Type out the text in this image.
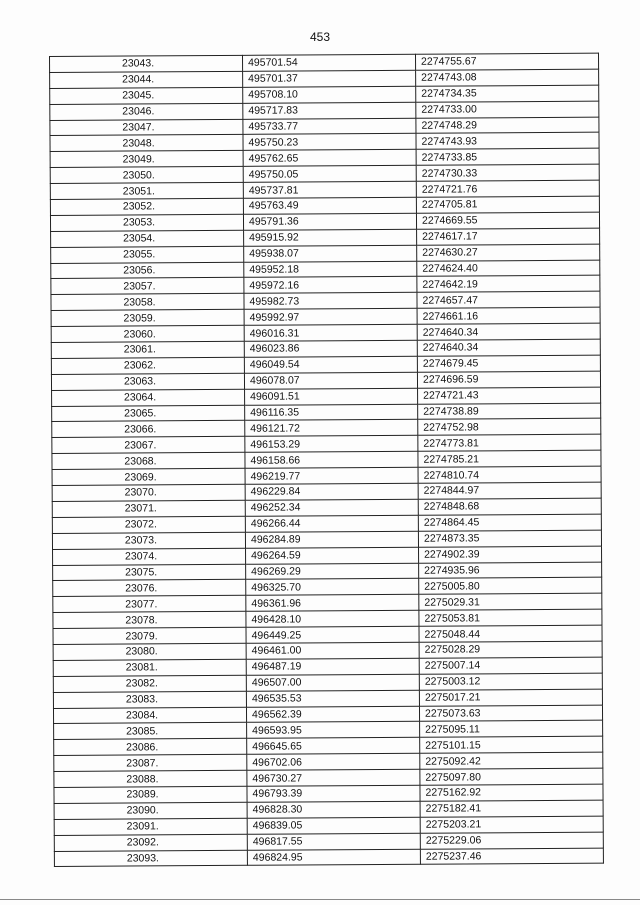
453
23043.	495701.54	2274755.67
23044.	495701.37	2274743.08
23045.	495708.10	2274734.35
23046.	495717.83	2274733.00
23047.	495733.77	2274748.29
23048.	495750.23	2274743.93
23049.	495762.65	2274733.85
23050.	495750.05	2274730.33
23051.	495737.81	2274721.76
23052.	495763.49	2274705.81
23053.	495791.36	2274669.55
23054.	495915.92	2274617.17
23055.	495938.07	2274630.27
23056.	495952.18	2274624.40
23057.	495972.16	2274642.19
23058.	495982.73	2274657.47
23059.	495992.97	2274661.16
23060.	496016.31	2274640.34
23061.	496023.86	2274640.34
23062.	496049.54	2274679.45
23063.	496078.07	2274696.59
23064.	496091.51	2274721.43
23065.	496116.35	2274738.89
23066.	496121.72	2274752.98
23067.	496153.29	2274773.81
23068.	496158.66	2274785.21
23069.	496219.77	2274810.74
23070.	496229.84	2274844.97
23071.	496252.34	2274848.68
23072.	496266.44	2274864.45
23073.	496284.89	2274873.35
23074.	496264.59	2274902.39
23075.	496269.29	2274935.96
23076.	496325.70	2275005.80
23077.	496361.96	2275029.31
23078.	496428.10	2275053.81
23079.	496449.25	2275048.44
23080.	496461.00	2275028.29
23081.	496487.19	2275007.14
23082.	496507.00	2275003.12
23083.	496535.53	2275017.21
23084.	496562.39	2275073.63
23085.	496593.95	2275095.11
23086.	496645.65	2275101.15
23087.	496702.06	2275092.42
23088.	496730.27	2275097.80
23089.	496793.39	2275162.92
23090.	496828.30	2275182.41
23091.	496839.05	2275203.21
23092.	496817.55	2275229.06
23093.	496824.95	2275237.46
